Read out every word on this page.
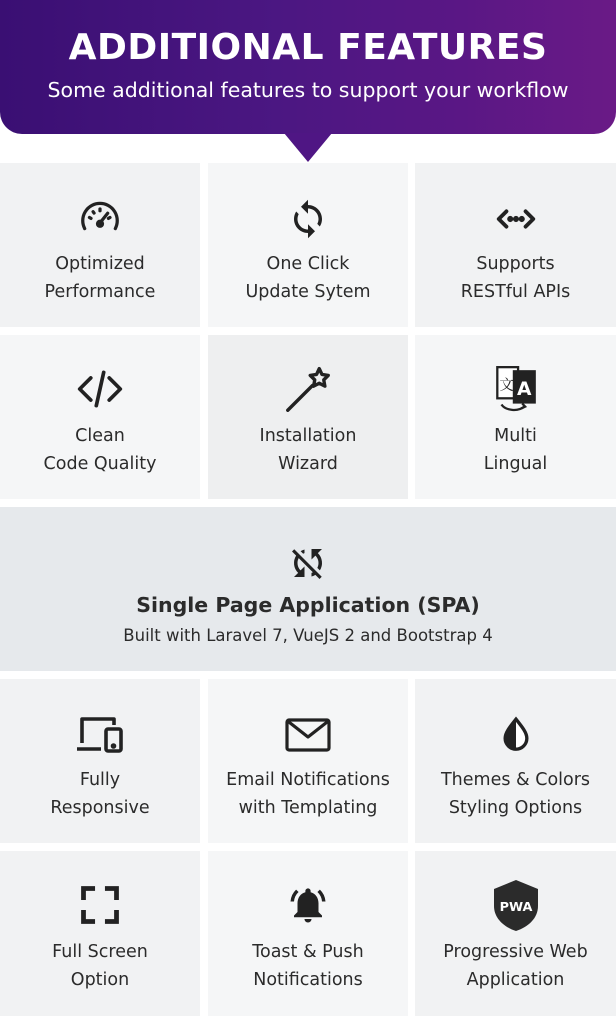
ADDITIONAL FEATURES
Some additional features to support your workflow
Optimized
Performance
One Click
Update Sytem
Supports
RESTful APIs
Clean
Code Quality
Installation
Wizard
A
文
Multi
Lingual
Single Page Application (SPA)
Built with Laravel 7, VueJS 2 and Bootstrap 4
Fully
Responsive
Email Notifications
with Templating
Themes & Colors
Styling Options
Full Screen
Option
Toast & Push
Notifications
PWA
Progressive Web
Application
